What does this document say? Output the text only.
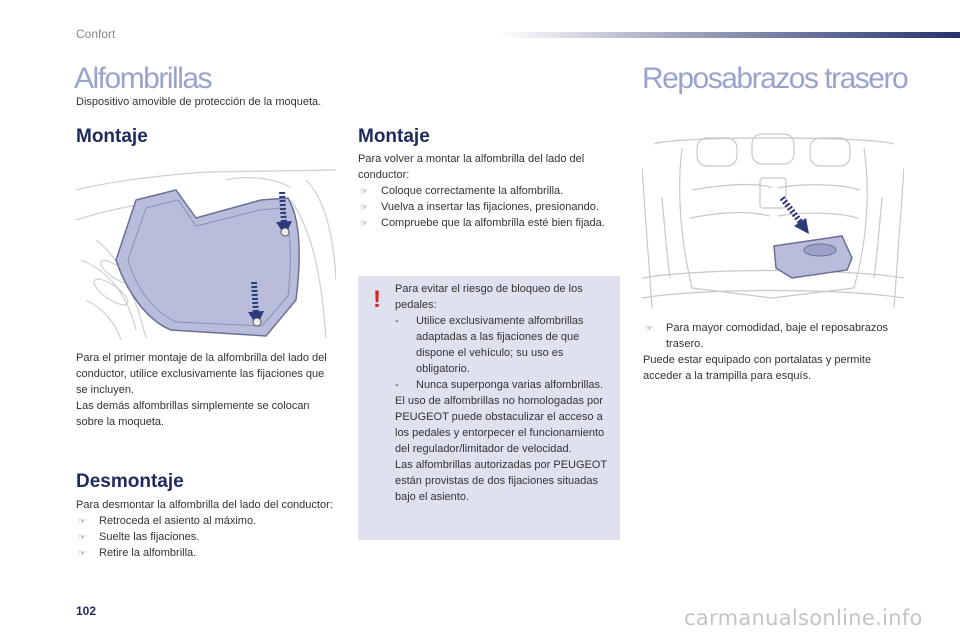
Confort
Alfombrillas
Dispositivo amovible de protección de la moqueta.
Reposabrazos trasero
Montaje

Para el primer montaje de la alfombrilla del lado del conductor, utilice exclusivamente las fijaciones que se incluyen.

Las demás alfombrillas simplemente se colocan sobre la moqueta.

Desmontaje

Para desmontar la alfombrilla del lado del conductor:

☞ Retroceda el asiento al máximo.
☞ Suelte las fijaciones.
☞ Retire la alfombrilla.
Montaje

Para volver a montar la alfombrilla del lado del conductor:

☞ Coloque correctamente la alfombrilla.
☞ Vuelva a insertar las fijaciones, presionando.
☞ Compruebe que la alfombrilla esté bien fijada.
! Para evitar el riesgo de bloqueo de los pedales:

- Utilice exclusivamente alfombrillas adaptadas a las fijaciones de que dispone el vehículo; su uso es obligatorio.
- Nunca superponga varias alfombrillas.

El uso de alfombrillas no homologadas por PEUGEOT puede obstaculizar el acceso a los pedales y entorpecer el funcionamiento del regulador/limitador de velocidad.

Las alfombrillas autorizadas por PEUGEOT están provistas de dos fijaciones situadas bajo el asiento.

☞ Para mayor comodidad, baje el reposabrazos trasero.

Puede estar equipado con portalatas y permite acceder a la trampilla para esquís.

102	carmanualsonline.info
